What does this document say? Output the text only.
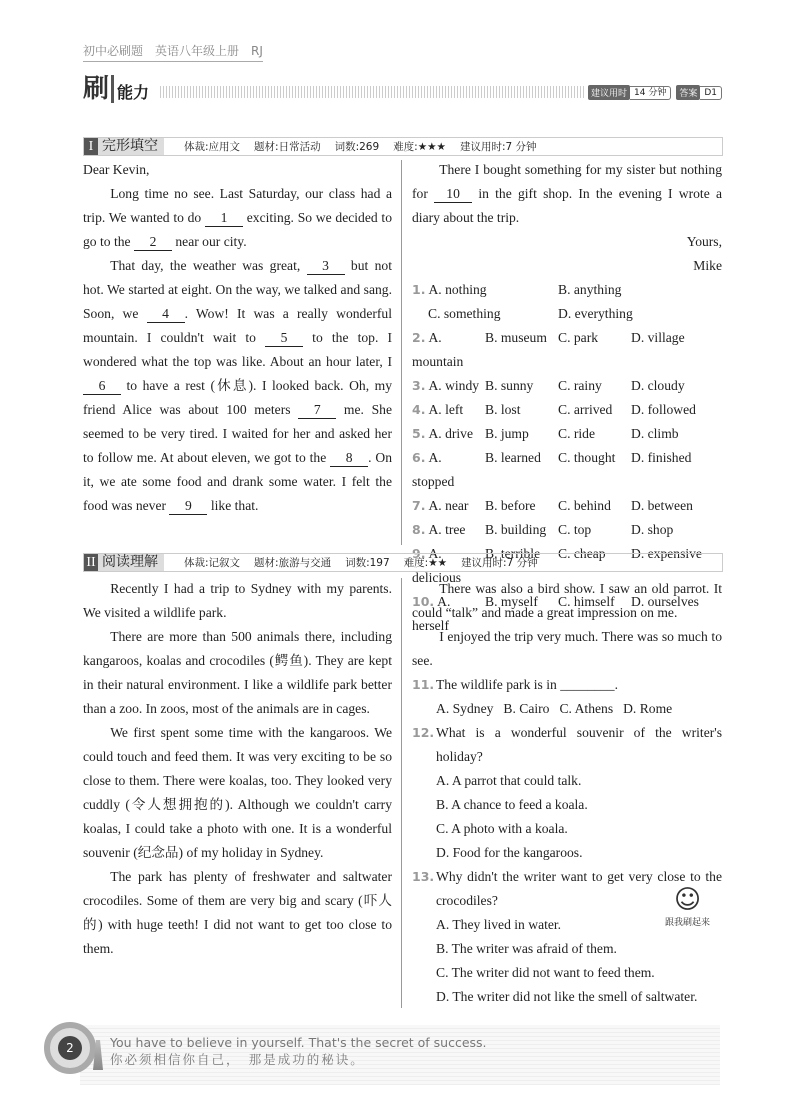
初中必刷题　英语八年级上册　RJ
刷 能力	建议用时 14 分钟	答案 D1
I 完形填空	体裁:应用文 题材:日常活动 词数:269 难度:★★★ 建议用时:7 分钟

Dear Kevin,

Long time no see. Last Saturday, our class had a trip. We wanted to do 1 exciting. So we decided to go to the 2 near our city.

That day, the weather was great, 3 but not hot. We started at eight. On the way, we talked and sang. Soon, we 4 . Wow! It was a really wonderful mountain. I couldn't wait to 5 to the top. I wondered what the top was like. About an hour later, I 6 to have a rest (休息). I looked back. Oh, my friend Alice was about 100 meters 7 me. She seemed to be very tired. I waited for her and asked her to follow me. At about eleven, we got to the 8 . On it, we ate some food and drank some water. I felt the food was never 9 like that.

There I bought something for my sister but nothing for 10 in the gift shop. In the evening I wrote a diary about the trip.

Yours,

Mike

1. A. nothing	B. anything
C. something	D. everything
2. A. mountain
B. museum C. park	D. village
3. A. windy B. sunny	C. rainy	D. cloudy
4. A. left	B. lost	C. arrived	D. followed
5. A. drive B. jump	C. ride	D. climb
6. A. stopped
B. learned	C. thought	D. finished
7. A. near	B. before	C. behind	D. between
8. A. tree	B. building C. top	D. shop
9. A. delicious
B. terrible	C. cheap	D. expensive
10. A. herself
B. myself	C. himself	D. ourselves
II 阅读理解	体裁:记叙文 题材:旅游与交通 词数:197 难度:★★ 建议用时:7 分钟

Recently I had a trip to Sydney with my parents. We visited a wildlife park.

There are more than 500 animals there, including kangaroos, koalas and crocodiles (鳄鱼). They are kept in their natural environment. I like a wildlife park better than a zoo. In zoos, most of the animals are in cages.

We first spent some time with the kangaroos. We could touch and feed them. It was very exciting to be so close to them. There were koalas, too. They looked very cuddly (令人想拥抱的). Although we couldn't carry koalas, I could take a photo with one. It is a wonderful souvenir (纪念品) of my holiday in Sydney.

The park has plenty of freshwater and saltwater crocodiles. Some of them are very big and scary (吓人的) with huge teeth! I did not want to get too close to them.

There was also a bird show. I saw an old parrot. It could “talk” and made a great impression on me.

I enjoyed the trip very much. There was so much to see.

11. The wildlife park is in ________.
A. Sydney B. Cairo C. Athens D. Rome
12. What is a wonderful souvenir of the writer's holiday?
A. A parrot that could talk.
B. A chance to feed a koala.
C. A photo with a koala.
D. Food for the kangaroos.
13. Why didn't the writer want to get very close to the crocodiles?
A. They lived in water.
B. The writer was afraid of them.
C. The writer did not want to feed them.
D. The writer did not like the smell of saltwater.
☺
跟我刷起来
2	You have to believe in yourself. That's the secret of success.
你必须相信你自己，　那是成功的秘诀。
